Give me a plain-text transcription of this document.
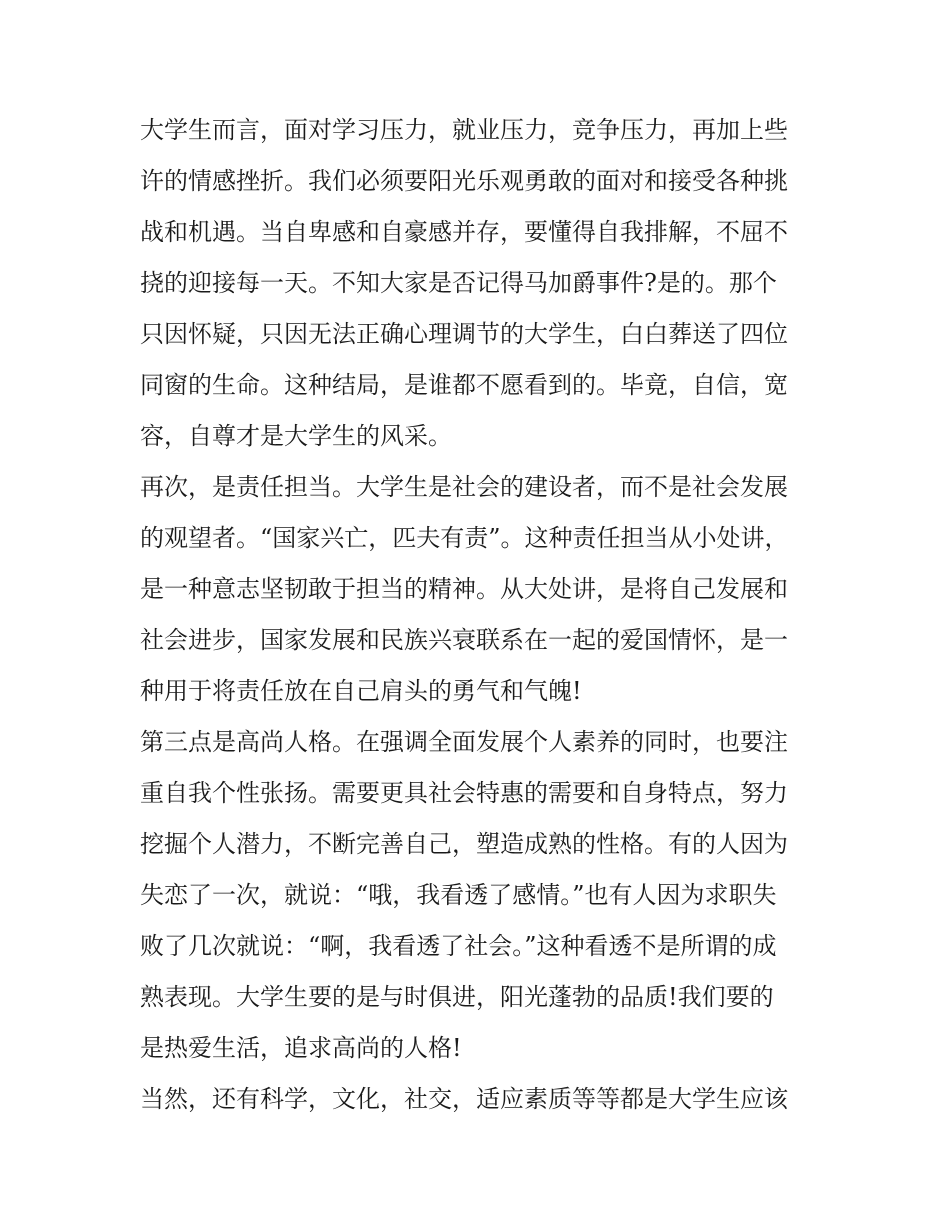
大学生而言，面对学习压力，就业压力，竞争压力，再加上些
许的情感挫折。我们必须要阳光乐观勇敢的面对和接受各种挑
战和机遇。当自卑感和自豪感并存，要懂得自我排解，不屈不
挠的迎接每一天。不知大家是否记得马加爵事件?是的。那个
只因怀疑，只因无法正确心理调节的大学生，白白葬送了四位
同窗的生命。这种结局，是谁都不愿看到的。毕竟，自信，宽
容，自尊才是大学生的风采。
再次，是责任担当。大学生是社会的建设者，而不是社会发展
的观望者。“国家兴亡，匹夫有责”。这种责任担当从小处讲，
是一种意志坚韧敢于担当的精神。从大处讲，是将自己发展和
社会进步，国家发展和民族兴衰联系在一起的爱国情怀，是一
种用于将责任放在自己肩头的勇气和气魄!
第三点是高尚人格。在强调全面发展个人素养的同时，也要注
重自我个性张扬。需要更具社会特惠的需要和自身特点，努力
挖掘个人潜力，不断完善自己，塑造成熟的性格。有的人因为
失恋了一次，就说：“哦，我看透了感情。”也有人因为求职失
败了几次就说：“啊，我看透了社会。”这种看透不是所谓的成
熟表现。大学生要的是与时俱进，阳光蓬勃的品质!我们要的
是热爱生活，追求高尚的人格!
当然，还有科学，文化，社交，适应素质等等都是大学生应该
